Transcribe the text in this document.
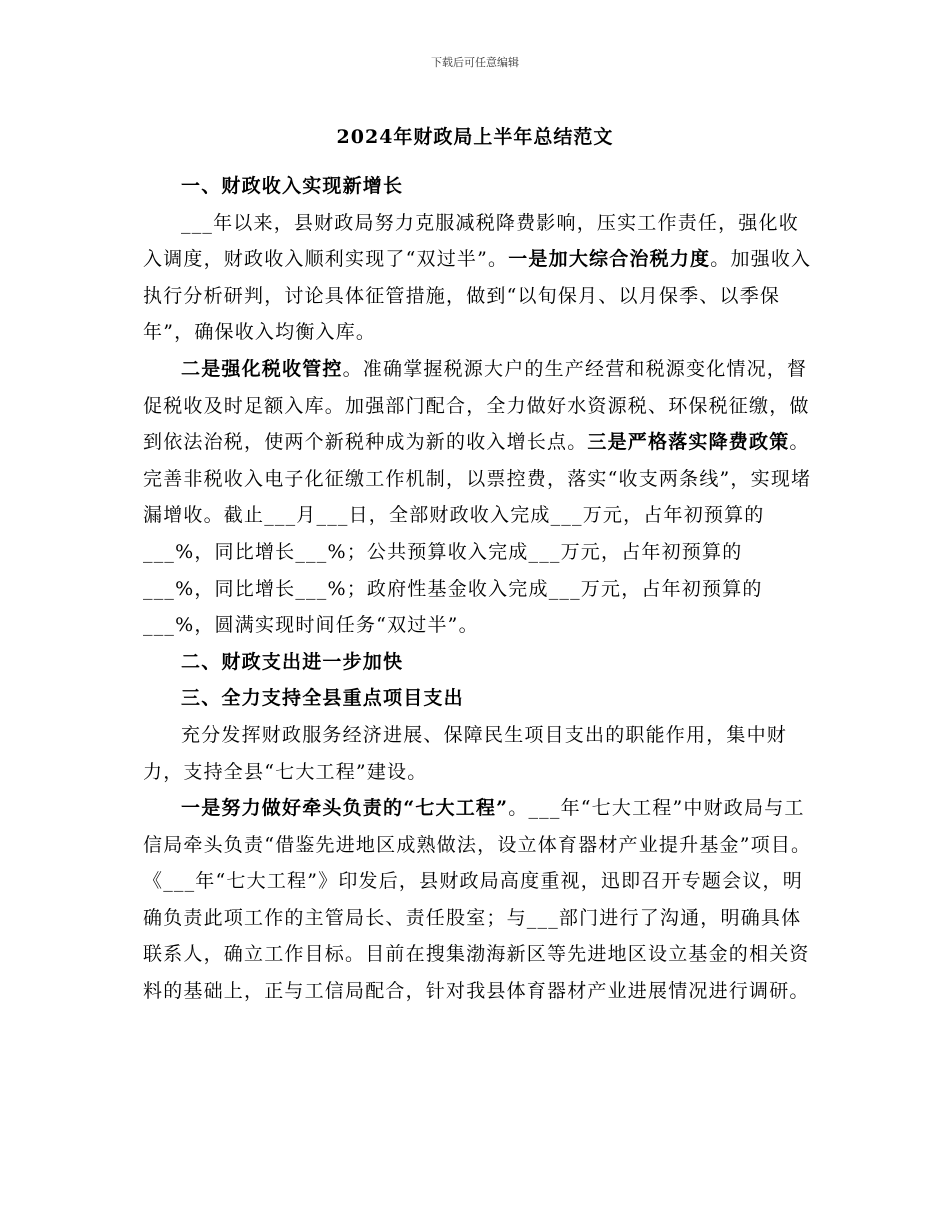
下载后可任意编辑
2024年财政局上半年总结范文

一、财政收入实现新增长

___年以来，县财政局努力克服减税降费影响，压实工作责任，强化收入调度，财政收入顺利实现了“双过半”。一是加大综合治税力度。加强收入执行分析研判，讨论具体征管措施，做到“以旬保月、以月保季、以季保年”，确保收入均衡入库。

二是强化税收管控。准确掌握税源大户的生产经营和税源变化情况，督促税收及时足额入库。加强部门配合，全力做好水资源税、环保税征缴，做到依法治税，使两个新税种成为新的收入增长点。三是严格落实降费政策。完善非税收入电子化征缴工作机制，以票控费，落实“收支两条线”，实现堵漏增收。截止___月___日，全部财政收入完成___万元，占年初预算的___%，同比增长___%；公共预算收入完成___万元，占年初预算的___%，同比增长___%；政府性基金收入完成___万元，占年初预算的___%，圆满实现时间任务“双过半”。

二、财政支出进一步加快

三、全力支持全县重点项目支出

充分发挥财政服务经济进展、保障民生项目支出的职能作用，集中财力，支持全县“七大工程”建设。

一是努力做好牵头负责的“七大工程”。___年“七大工程”中财政局与工信局牵头负责“借鉴先进地区成熟做法，设立体育器材产业提升基金”项目。《___年“七大工程”》印发后，县财政局高度重视，迅即召开专题会议，明确负责此项工作的主管局长、责任股室；与___部门进行了沟通，明确具体联系人，确立工作目标。目前在搜集渤海新区等先进地区设立基金的相关资料的基础上，正与工信局配合，针对我县体育器材产业进展情况进行调研。
